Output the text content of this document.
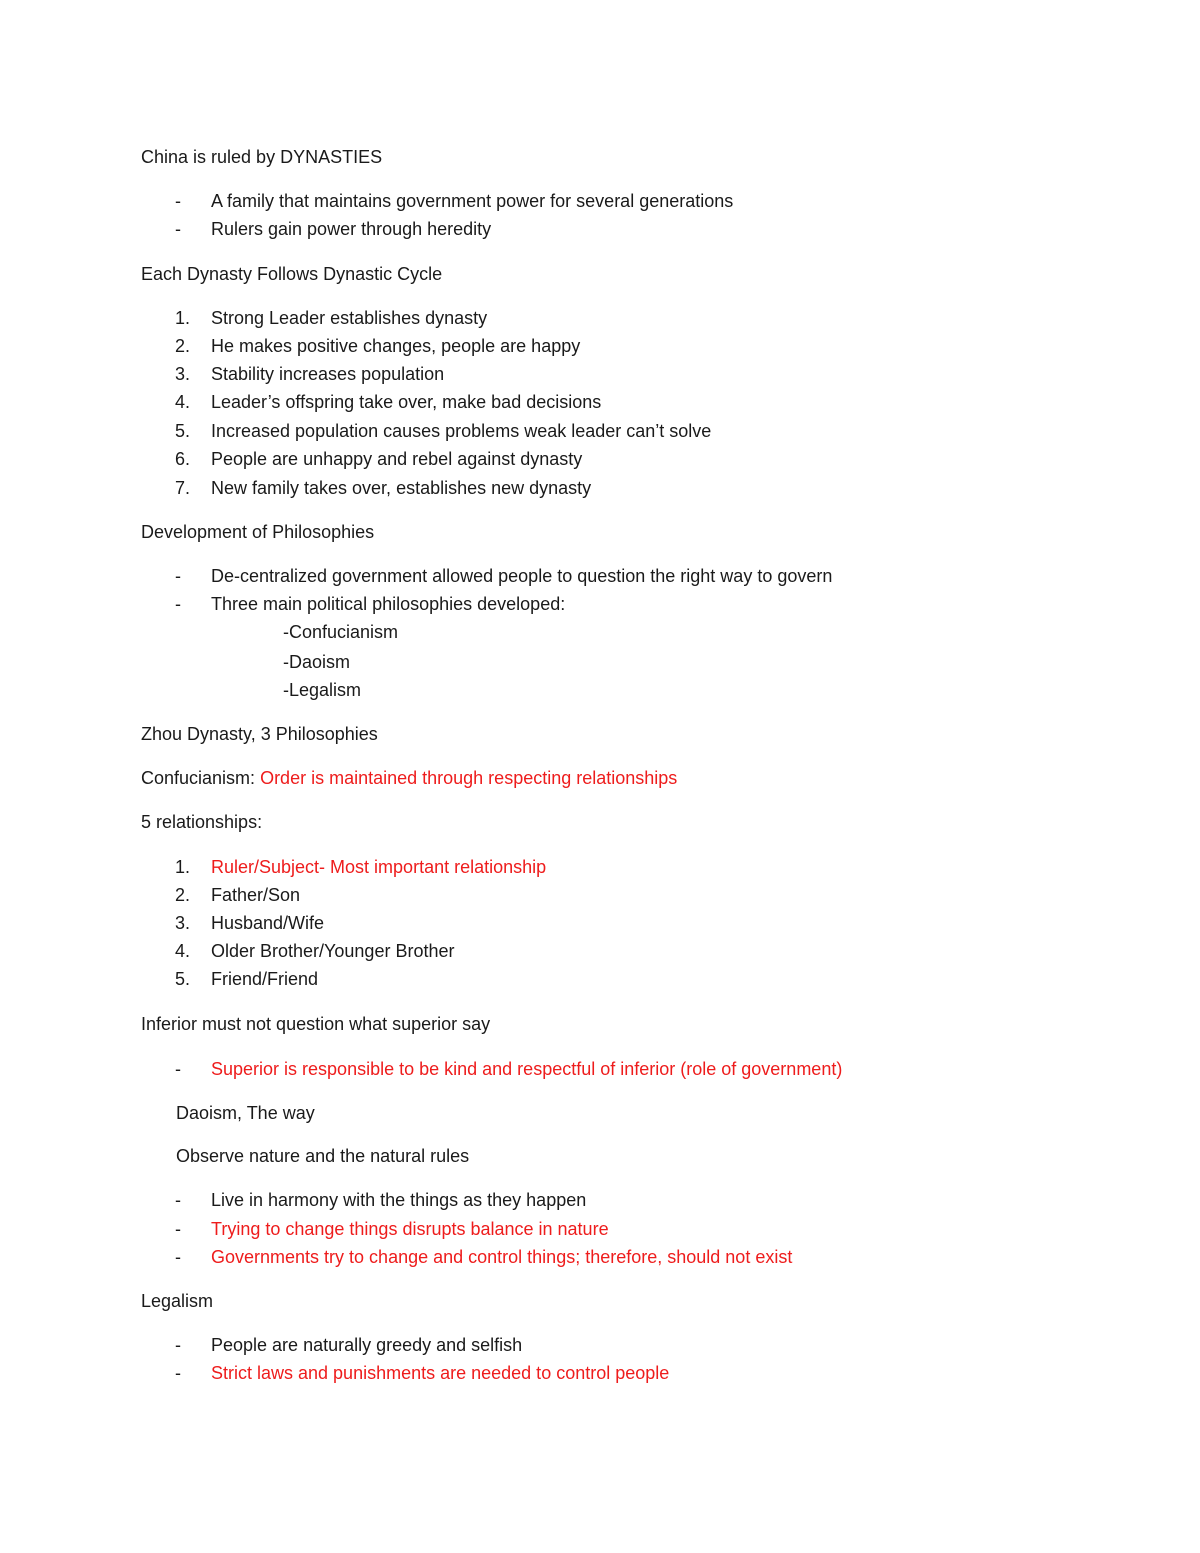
China is ruled by DYNASTIES
- A family that maintains government power for several generations
- Rulers gain power through heredity
Each Dynasty Follows Dynastic Cycle
1. Strong Leader establishes dynasty
2. He makes positive changes, people are happy
3. Stability increases population
4. Leader’s offspring take over, make bad decisions
5. Increased population causes problems weak leader can’t solve
6. People are unhappy and rebel against dynasty
7. New family takes over, establishes new dynasty
Development of Philosophies
- De-centralized government allowed people to question the right way to govern
- Three main political philosophies developed:
-Confucianism
-Daoism
-Legalism
Zhou Dynasty, 3 Philosophies
Confucianism: Order is maintained through respecting relationships
5 relationships:
1. Ruler/Subject- Most important relationship
2. Father/Son
3. Husband/Wife
4. Older Brother/Younger Brother
5. Friend/Friend
Inferior must not question what superior say
- Superior is responsible to be kind and respectful of inferior (role of government)
Daoism, The way
Observe nature and the natural rules
- Live in harmony with the things as they happen
- Trying to change things disrupts balance in nature
- Governments try to change and control things; therefore, should not exist
Legalism
- People are naturally greedy and selfish
- Strict laws and punishments are needed to control people
